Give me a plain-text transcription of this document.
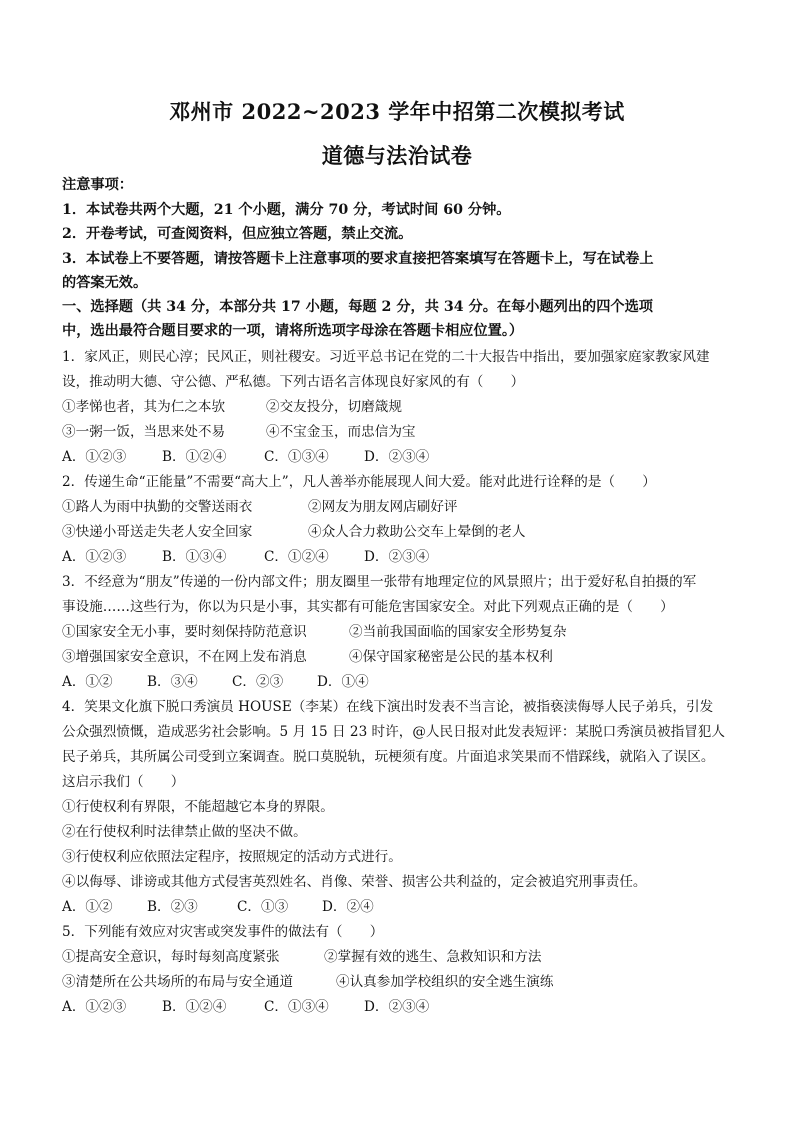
邓州市 2022~2023 学年中招第二次模拟考试
道德与法治试卷
注意事项：
1．本试卷共两个大题，21 个小题，满分 70 分，考试时间 60 分钟。
2．开卷考试，可查阅资料，但应独立答题，禁止交流。
3．本试卷上不要答题，请按答题卡上注意事项的要求直接把答案填写在答题卡上，写在试卷上
的答案无效。
一、选择题（共 34 分，本部分共 17 小题，每题 2 分，共 34 分。在每小题列出的四个选项
中，选出最符合题目要求的一项，请将所选项字母涂在答题卡相应位置。）
1．家风正，则民心淳；民风正，则社稷安。习近平总书记在党的二十大报告中指出，要加强家庭家教家风建
设，推动明大德、守公德、严私德。下列古语名言体现良好家风的有（　　）
①孝悌也者，其为仁之本欤	②交友投分，切磨箴规
③一粥一饭，当思来处不易	④不宝金玉，而忠信为宝
A．①②③	B．①②④	C．①③④	D．②③④
2．传递生命“正能量”不需要“高大上”，凡人善举亦能展现人间大爱。能对此进行诠释的是（　　）
①路人为雨中执勤的交警送雨衣	②网友为朋友网店刷好评
③快递小哥送走失老人安全回家	④众人合力救助公交车上晕倒的老人
A．①②③	B．①③④	C．①②④	D．②③④
3．不经意为“朋友”传递的一份内部文件；朋友圈里一张带有地理定位的风景照片；出于爱好私自拍摄的军
事设施……这些行为，你以为只是小事，其实都有可能危害国家安全。对此下列观点正确的是（　　）
①国家安全无小事，要时刻保持防范意识	②当前我国面临的国家安全形势复杂
③增强国家安全意识，不在网上发布消息	④保守国家秘密是公民的基本权利
A．①②	B．③④	C．②③ D．①④
4．笑果文化旗下脱口秀演员 HOUSE（李某）在线下演出时发表不当言论，被指亵渎侮辱人民子弟兵，引发
公众强烈愤慨，造成恶劣社会影响。5 月 15 日 23 时许，@人民日报对此发表短评：某脱口秀演员被指冒犯人
民子弟兵，其所属公司受到立案调查。脱口莫脱轨，玩梗须有度。片面追求笑果而不惜踩线，就陷入了误区。
这启示我们（　　）
①行使权利有界限，不能超越它本身的界限。
②在行使权利时法律禁止做的坚决不做。
③行使权利应依照法定程序，按照规定的活动方式进行。
④以侮辱、诽谤或其他方式侵害英烈姓名、肖像、荣誉、损害公共利益的，定会被追究刑事责任。
A．①②	B．②③	C．①③ D．②④
5．下列能有效应对灾害或突发事件的做法有（　　）
①提高安全意识，每时每刻高度紧张	②掌握有效的逃生、急救知识和方法
③清楚所在公共场所的布局与安全通道	④认真参加学校组织的安全逃生演练
A．①②③	B．①②④	C．①③④	D．②③④
